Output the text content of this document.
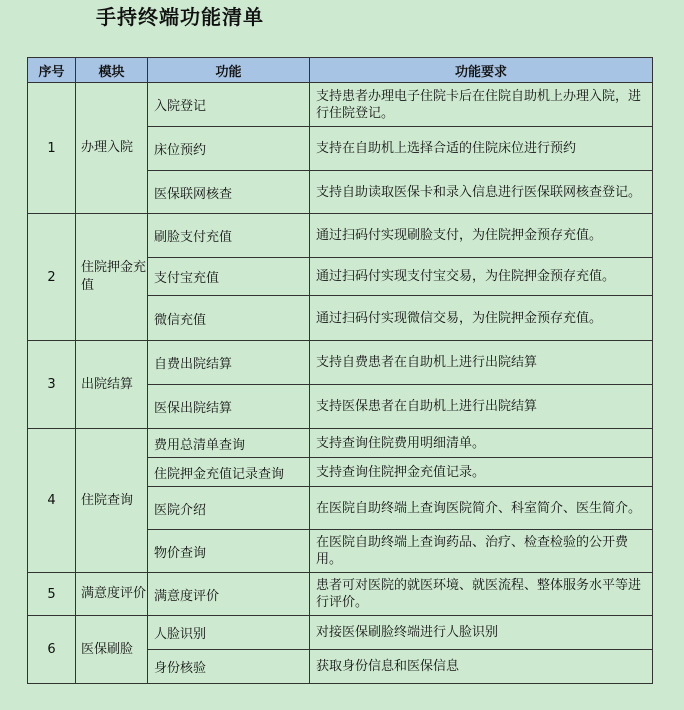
手持终端功能清单
序号	模块	功能	功能要求
1	办理入院	入院登记	支持患者办理电子住院卡后在住院自助机上办理入院，进行住院登记。
		床位预约	支持在自助机上选择合适的住院床位进行预约
		医保联网核查	支持自助读取医保卡和录入信息进行医保联网核查登记。
2	住院押金充值	刷脸支付充值	通过扫码付实现刷脸支付，为住院押金预存充值。
		支付宝充值	通过扫码付实现支付宝交易，为住院押金预存充值。
		微信充值	通过扫码付实现微信交易，为住院押金预存充值。
3	出院结算	自费出院结算	支持自费患者在自助机上进行出院结算
		医保出院结算	支持医保患者在自助机上进行出院结算
4	住院查询	费用总清单查询	支持查询住院费用明细清单。
		住院押金充值记录查询	支持查询住院押金充值记录。
		医院介绍	在医院自助终端上查询医院简介、科室简介、医生简介。
		物价查询	在医院自助终端上查询药品、治疗、检查检验的公开费用。
5	满意度评价	满意度评价	患者可对医院的就医环境、就医流程、整体服务水平等进行评价。
6	医保刷脸	人脸识别	对接医保刷脸终端进行人脸识别
		身份核验	获取身份信息和医保信息
